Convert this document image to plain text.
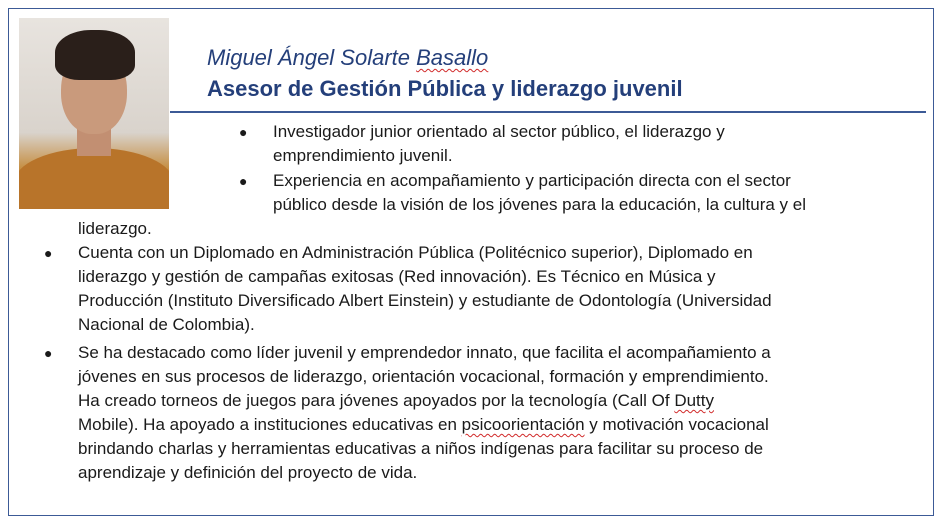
Miguel Ángel Solarte Basallo
Asesor de Gestión Pública y liderazgo juvenil
● Investigador junior orientado al sector público, el liderazgo y
emprendimiento juvenil.
● Experiencia en acompañamiento y participación directa con el sector
público desde la visión de los jóvenes para la educación, la cultura y el
liderazgo.
● Cuenta con un Diplomado en Administración Pública (Politécnico superior), Diplomado en
liderazgo y gestión de campañas exitosas (Red innovación). Es Técnico en Música y
Producción (Instituto Diversificado Albert Einstein) y estudiante de Odontología (Universidad
Nacional de Colombia).
● Se ha destacado como líder juvenil y emprendedor innato, que facilita el acompañamiento a
jóvenes en sus procesos de liderazgo, orientación vocacional, formación y emprendimiento.
Ha creado torneos de juegos para jóvenes apoyados por la tecnología (Call Of Dutty
Mobile). Ha apoyado a instituciones educativas en psicoorientación y motivación vocacional
brindando charlas y herramientas educativas a niños indígenas para facilitar su proceso de
aprendizaje y definición del proyecto de vida.
